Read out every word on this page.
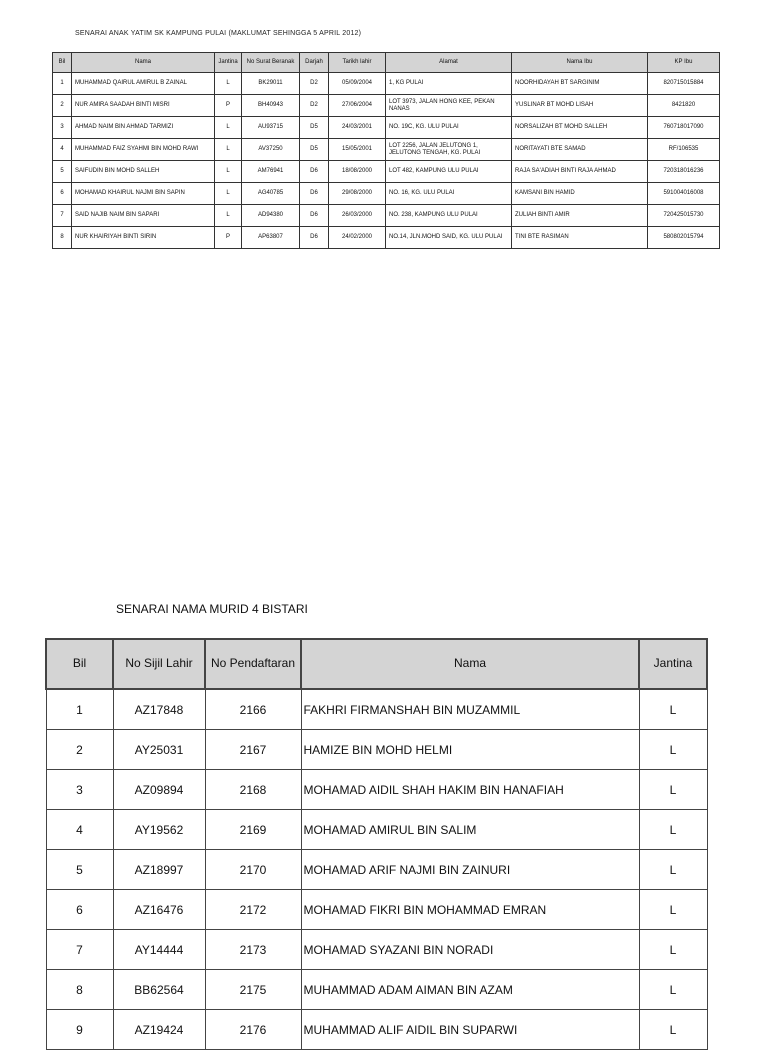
SENARAI ANAK YATIM SK KAMPUNG PULAI (MAKLUMAT SEHINGGA 5 APRIL 2012)
Bil	Nama	Jantina	No Surat Beranak	Darjah	Tarikh lahir	Alamat	Nama Ibu	KP Ibu
1	MUHAMMAD QAIRUL AMIRUL B ZAINAL	L	BK29011	D2	05/09/2004	1, KG PULAI	NOORHIDAYAH BT SARGINIM	820715015884
2	NUR AMIRA SAADAH BINTI MISRI	P	BH40943	D2	27/06/2004	LOT 3973, JALAN HONG KEE, PEKAN NANAS	YUSLINAR BT MOHD LISAH	8421820
3	AHMAD NAIM BIN AHMAD TARMIZI	L	AU93715	D5	24/03/2001	NO. 19C, KG. ULU PULAI	NORSALIZAH BT MOHD SALLEH	760718017090
4	MUHAMMAD FAIZ SYAHMI BIN MOHD RAWI	L	AV37250	D5	15/05/2001	LOT 2256, JALAN JELUTONG 1, JELUTONG TENGAH, KG. PULAI	NORITAYATI BTE SAMAD	RF/106535
5	SAIFUDIN BIN MOHD SALLEH	L	AM76941	D6	18/08/2000	LOT 482, KAMPUNG ULU PULAI	RAJA SA'ADIAH BINTI RAJA AHMAD	720318016236
6	MOHAMAD KHAIRUL NAJMI BIN SAPIN	L	AG40785	D6	29/08/2000	NO. 16, KG. ULU PULAI	KAMSANI BIN HAMID	591004016008
7	SAID NAJIB NAIM BIN SAPARI	L	AD94380	D6	26/03/2000	NO. 238, KAMPUNG ULU PULAI	ZULIAH BINTI AMIR	720425015730
8	NUR KHAIRIYAH BINTI SIRIN	P	AP63807	D6	24/02/2000	NO.14, JLN.MOHD SAID, KG. ULU PULAI	TINI BTE RASIMAN	580802015794
SENARAI NAMA MURID 4 BISTARI
Bil	No Sijil Lahir	No Pendaftaran	Nama	Jantina
1	AZ17848	2166	FAKHRI FIRMANSHAH BIN MUZAMMIL	L
2	AY25031	2167	HAMIZE BIN MOHD HELMI	L
3	AZ09894	2168	MOHAMAD AIDIL SHAH HAKIM BIN HANAFIAH	L
4	AY19562	2169	MOHAMAD AMIRUL BIN SALIM	L
5	AZ18997	2170	MOHAMAD ARIF NAJMI BIN ZAINURI	L
6	AZ16476	2172	MOHAMAD FIKRI BIN MOHAMMAD EMRAN	L
7	AY14444	2173	MOHAMAD SYAZANI BIN NORADI	L
8	BB62564	2175	MUHAMMAD ADAM AIMAN BIN AZAM	L
9	AZ19424	2176	MUHAMMAD ALIF AIDIL BIN SUPARWI	L
